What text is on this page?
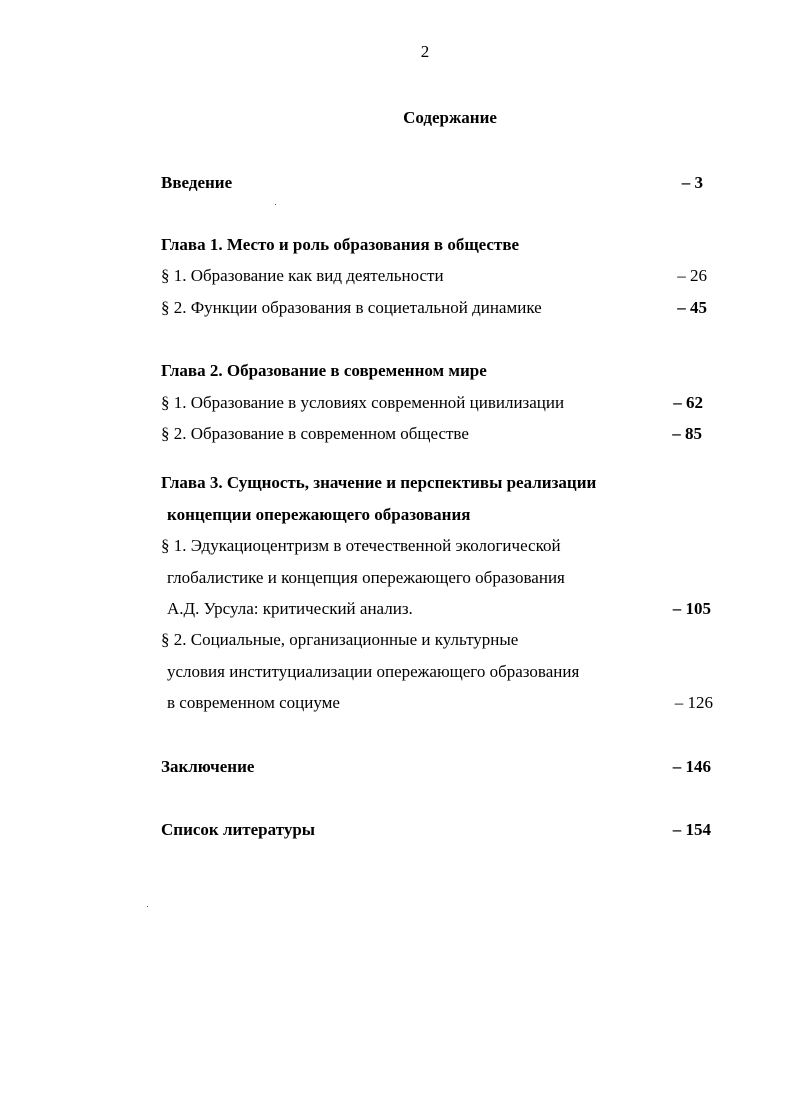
2
Содержание
Введение	– 3
Глава 1. Место и роль образования в обществе
§ 1. Образование как вид деятельности	– 26
§ 2. Функции образования в социетальной динамике	– 45
Глава 2. Образование в современном мире
§ 1. Образование в условиях современной цивилизации	– 62
§ 2. Образование в современном обществе	– 85
Глава 3. Сущность, значение и перспективы реализации
концепции опережающего образования
§ 1. Эдукациоцентризм в отечественной экологической
глобалистике и концепция опережающего образования
А.Д. Урсула: критический анализ.	– 105
§ 2. Социальные, организационные и культурные
условия институциализации опережающего образования
в современном социуме	– 126
Заключение	– 146
Список литературы	– 154
